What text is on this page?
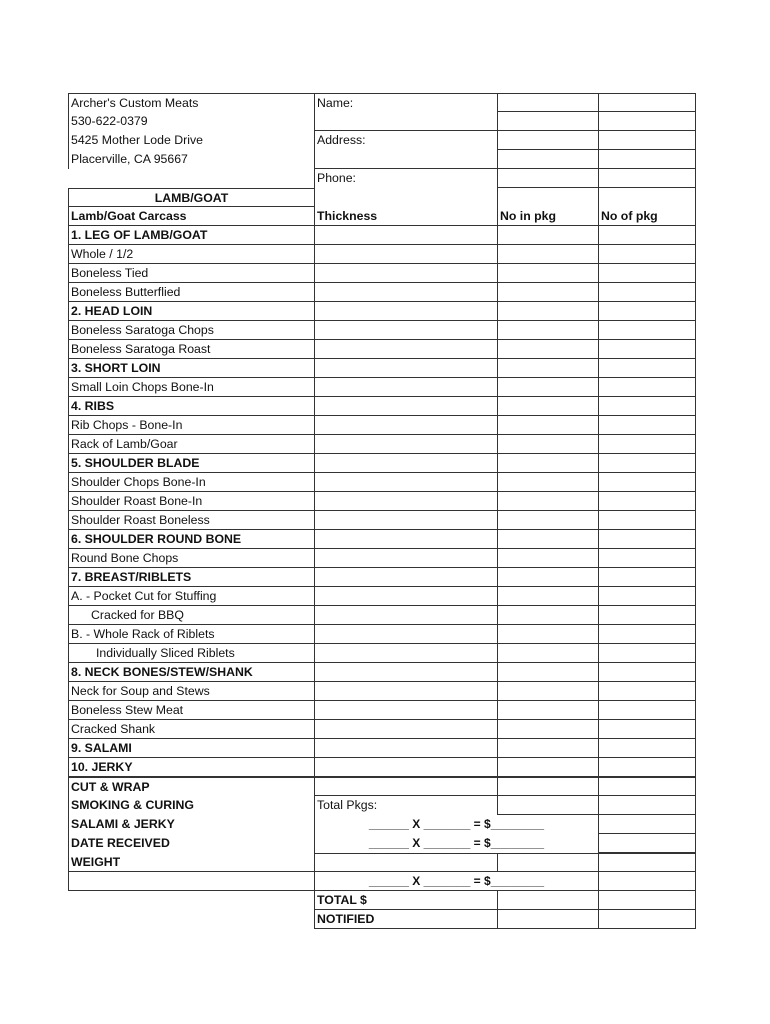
Archer's Custom Meats	Name:
530-622-0379
5425 Mother Lode Drive	Address:
Placerville, CA 95667
Phone:
LAMB/GOAT
Lamb/Goat Carcass	Thickness	No in pkg	No of pkg
1. LEG OF LAMB/GOAT
Whole / 1/2
Boneless Tied
Boneless Butterflied
2. HEAD LOIN
Boneless Saratoga Chops
Boneless Saratoga Roast
3. SHORT LOIN
Small Loin Chops Bone-In
4. RIBS
Rib Chops - Bone-In
Rack of Lamb/Goar
5. SHOULDER BLADE
Shoulder Chops Bone-In
Shoulder Roast Bone-In
Shoulder Roast Boneless
6. SHOULDER ROUND BONE
Round Bone Chops
7. BREAST/RIBLETS
A. - Pocket Cut for Stuffing
Cracked for BBQ
B. - Whole Rack of Riblets
Individually Sliced Riblets
8. NECK BONES/STEW/SHANK
Neck for Soup and Stews
Boneless Stew Meat
Cracked Shank
9. SALAMI
10. JERKY
CUT & WRAP
SMOKING & CURING	Total Pkgs:
SALAMI & JERKY	______ X _______ = $________
DATE RECEIVED	______ X _______ = $________
WEIGHT
______ X _______ = $________
TOTAL $
NOTIFIED
